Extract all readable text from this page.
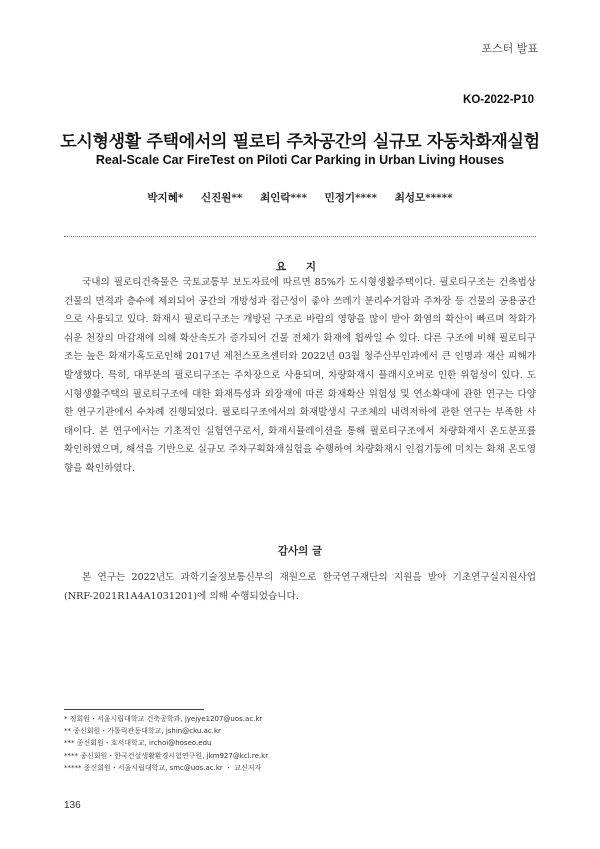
포스터 발표
KO-2022-P10
도시형생활 주택에서의 필로티 주차공간의 실규모 자동차화재실험
Real-Scale Car FireTest on Piloti Car Parking in Urban Living Houses
박지혜* 신진원** 최인락*** 민정기**** 최성모*****
요 지

국내의 필로티건축물은 국토교통부 보도자료에 따르면 85%가 도시형생활주택이다. 필로티구조는 건축법상 건물의 면적과 층수에 제외되어 공간의 개방성과 접근성이 좋아 쓰레기 분리수거함과 주차장 등 건물의 공용공간으로 사용되고 있다. 화재시 필로티구조는 개방된 구조로 바람의 영향을 많이 받아 화염의 확산이 빠르며 착화가 쉬운 천장의 마감재에 의해 확산속도가 증가되어 건물 전체가 화재에 휩싸일 수 있다. 다른 구조에 비해 필로티구조는 높은 화재가혹도로인해 2017년 제천스포츠센터와 2022년 03월 청주산부인과에서 큰 인명과 재산 피해가 발생했다. 특히, 대부분의 필로티구조는 주차장으로 사용되며, 차량화재시 플래시오버로 인한 위험성이 있다. 도시형생활주택의 필로티구조에 대한 화재특성과 외장재에 따른 화재확산 위험성 및 연소확대에 관한 연구는 다양한 연구기관에서 수차례 진행되었다. 필로티구조에서의 화재발생시 구조체의 내력저하에 관한 연구는 부족한 사태이다. 본 연구에서는 기초적인 실험연구로서, 화재시뮬레이션을 통해 필로티구조에서 차량화재시 온도분포를 확인하였으며, 해석을 기반으로 실규모 주차구획화재실험을 수행하여 차량화재시 인접기둥에 미치는 화재 온도영향을 확인하였다.

감사의 글

본 연구는 2022년도 과학기술정보통신부의 재원으로 한국연구재단의 지원을 받아 기초연구실지원사업(NRF-2021R1A4A1031201)에 의해 수행되었습니다.

* 정회원・서울시립대학교 건축공학과, jyejye1207@uos.ac.kr
** 종신회원・가톨릭관동대학교, jshin@cku.ac.kr
*** 종신회원・호서대학교, irchoi@hoseo.edu
**** 종신회원・한국건설생활환경시험연구원, jkm927@kcl.re.kr
***** 종신회원・서울시립대학교, smc@uos.ac.kr ・ 교신저자
136
